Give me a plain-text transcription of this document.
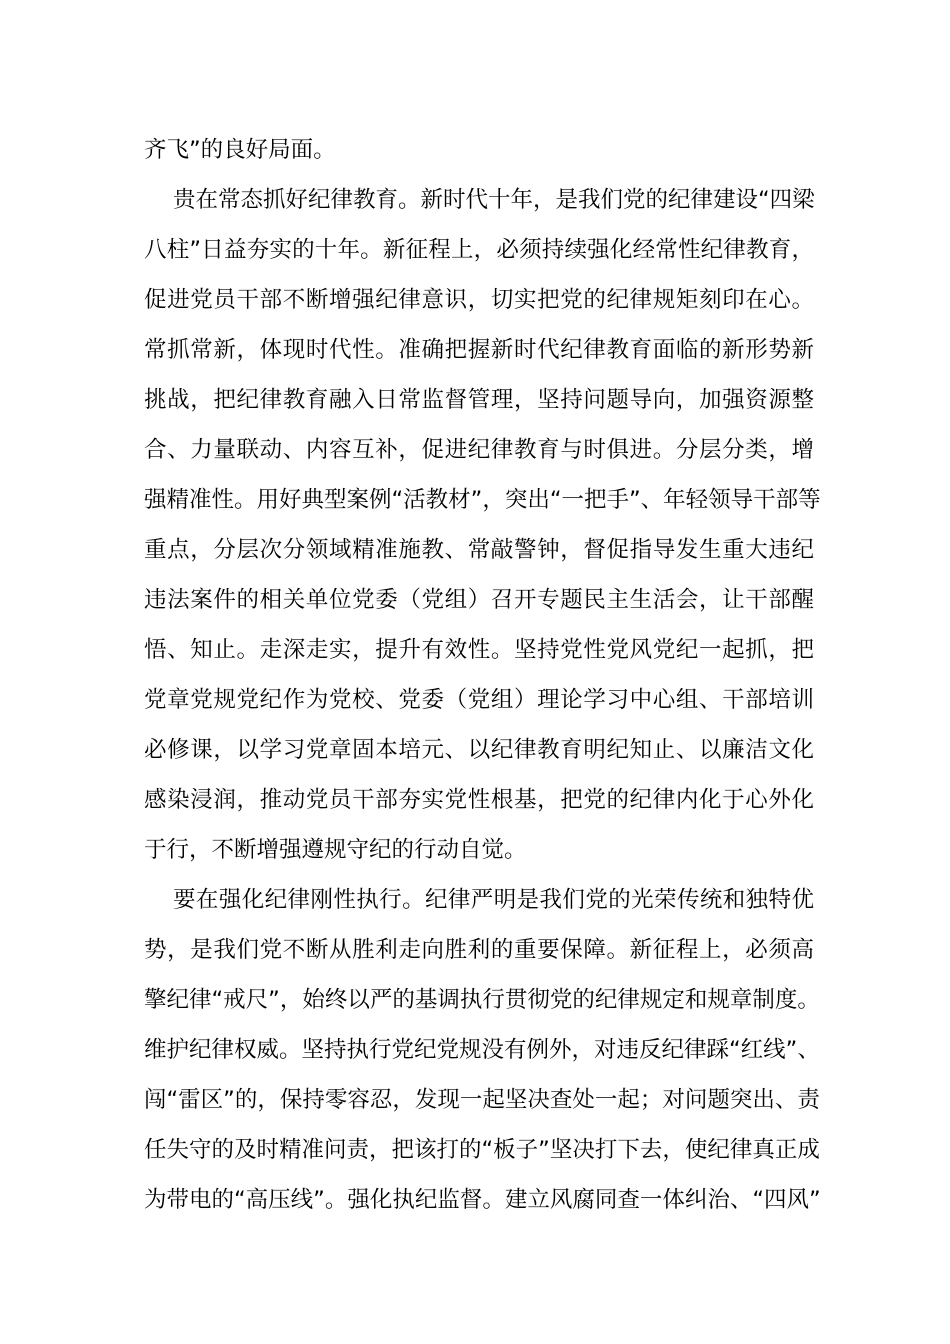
齐飞”的良好局面。
贵在常态抓好纪律教育。新时代十年，是我们党的纪律建设“四梁
八柱”日益夯实的十年。新征程上，必须持续强化经常性纪律教育，
促进党员干部不断增强纪律意识，切实把党的纪律规矩刻印在心。
常抓常新，体现时代性。准确把握新时代纪律教育面临的新形势新
挑战，把纪律教育融入日常监督管理，坚持问题导向，加强资源整
合、力量联动、内容互补，促进纪律教育与时俱进。分层分类，增
强精准性。用好典型案例“活教材”，突出“一把手”、年轻领导干部等
重点，分层次分领域精准施教、常敲警钟，督促指导发生重大违纪
违法案件的相关单位党委（党组）召开专题民主生活会，让干部醒
悟、知止。走深走实，提升有效性。坚持党性党风党纪一起抓，把
党章党规党纪作为党校、党委（党组）理论学习中心组、干部培训
必修课，以学习党章固本培元、以纪律教育明纪知止、以廉洁文化
感染浸润，推动党员干部夯实党性根基，把党的纪律内化于心外化
于行，不断增强遵规守纪的行动自觉。
要在强化纪律刚性执行。纪律严明是我们党的光荣传统和独特优
势，是我们党不断从胜利走向胜利的重要保障。新征程上，必须高
擎纪律“戒尺”，始终以严的基调执行贯彻党的纪律规定和规章制度。
维护纪律权威。坚持执行党纪党规没有例外，对违反纪律踩“红线”、
闯“雷区”的，保持零容忍，发现一起坚决查处一起；对问题突出、责
任失守的及时精准问责，把该打的“板子”坚决打下去，使纪律真正成
为带电的“高压线”。强化执纪监督。建立风腐同查一体纠治、“四风”
